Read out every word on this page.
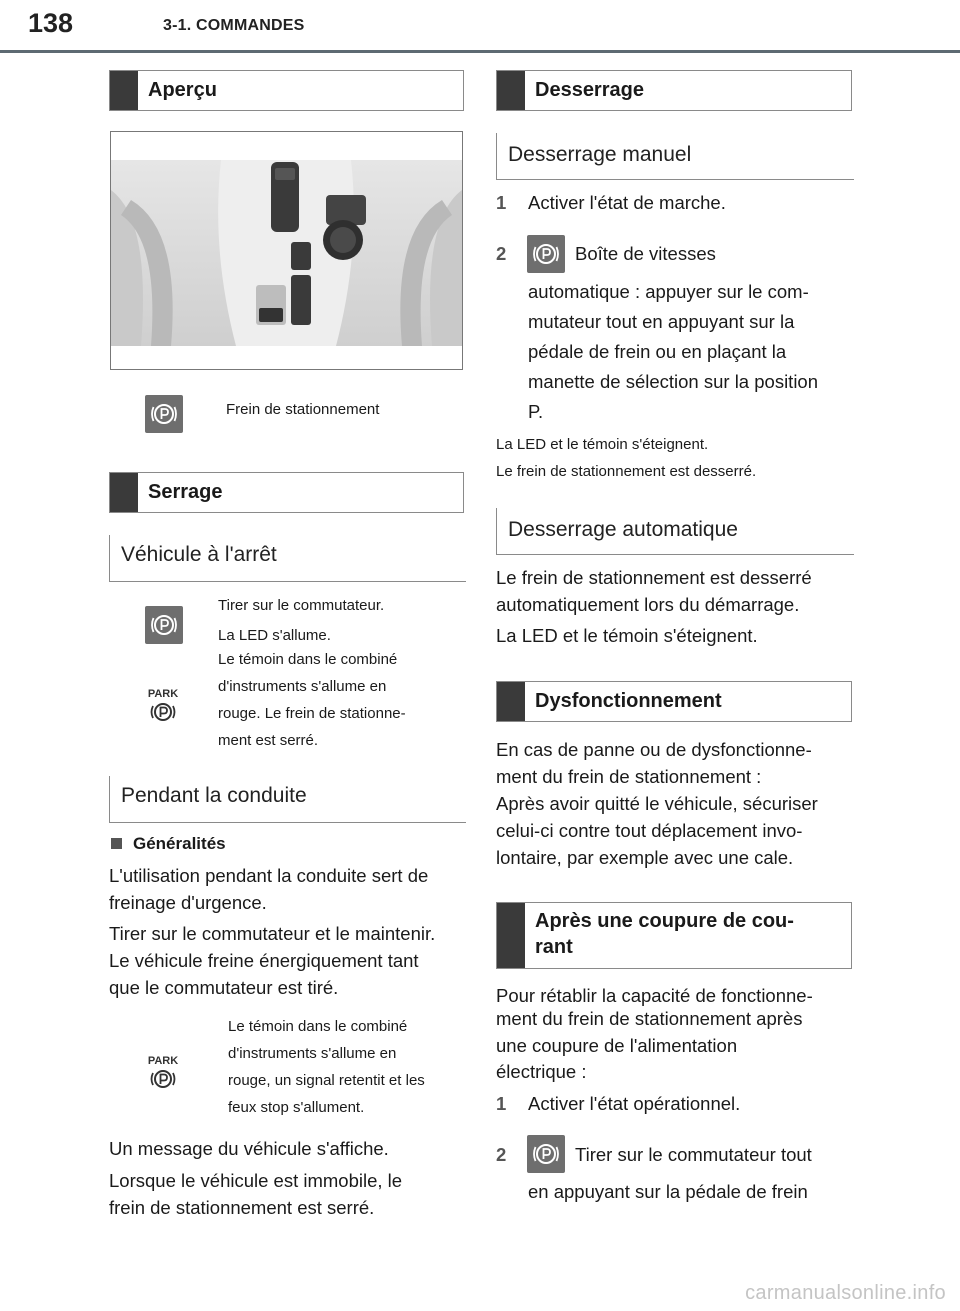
138	3-1. COMMANDES
Aperçu
Frein de stationnement
Serrage
Véhicule à l'arrêt
Tirer sur le commutateur.
La LED s'allume.
PARK
Le témoin dans le combiné
d'instruments s'allume en
rouge. Le frein de stationne-
ment est serré.
Pendant la conduite
Généralités
L'utilisation pendant la conduite sert de
freinage d'urgence.
Tirer sur le commutateur et le maintenir.
Le véhicule freine énergiquement tant
que le commutateur est tiré.
PARK
Le témoin dans le combiné
d'instruments s'allume en
rouge, un signal retentit et les
feux stop s'allument.
Un message du véhicule s'affiche.
Lorsque le véhicule est immobile, le
frein de stationnement est serré.
Desserrage
Desserrage manuel
1 Activer l'état de marche.
2	Boîte de vitesses
automatique : appuyer sur le com-
mutateur tout en appuyant sur la
pédale de frein ou en plaçant la
manette de sélection sur la position
P.
La LED et le témoin s'éteignent.
Le frein de stationnement est desserré.
Desserrage automatique
Le frein de stationnement est desserré
automatiquement lors du démarrage.
La LED et le témoin s'éteignent.
Dysfonctionnement
En cas de panne ou de dysfonctionne-
ment du frein de stationnement :
Après avoir quitté le véhicule, sécuriser
celui-ci contre tout déplacement invo-
lontaire, par exemple avec une cale.
Après une coupure de cou-
rant
Pour rétablir la capacité de fonctionne-
ment du frein de stationnement après
une coupure de l'alimentation
électrique :
1 Activer l'état opérationnel.
2	Tirer sur le commutateur tout
en appuyant sur la pédale de frein
carmanualsonline.info
